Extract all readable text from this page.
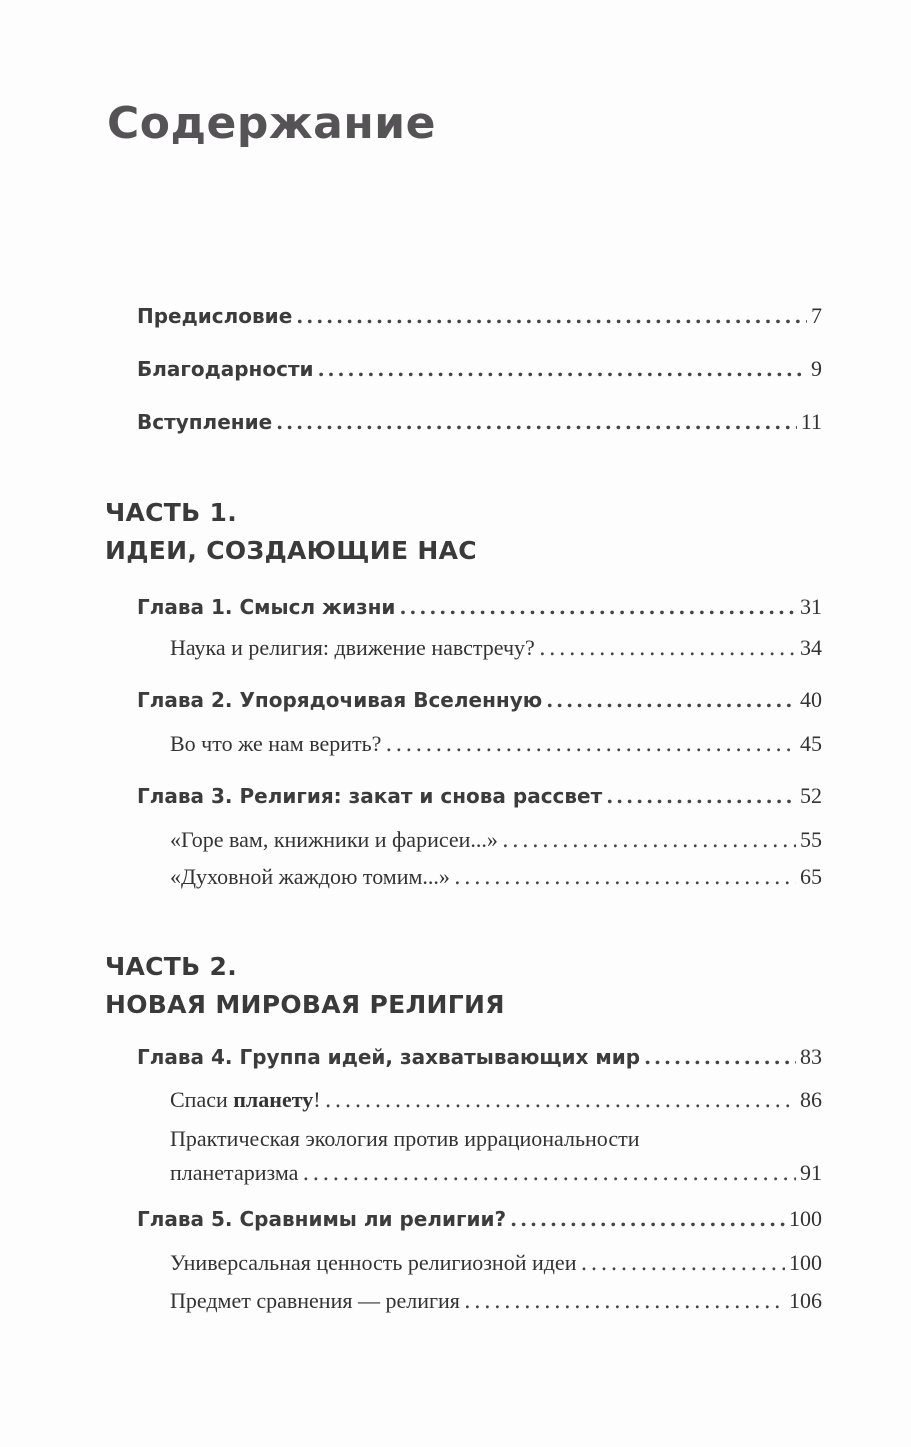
Содержание
Предисловие .....	7
Благодарности .....	9
Вступление .....	11
ЧАСТЬ 1.
ИДЕИ, СОЗДАЮЩИЕ НАС
Глава 1. Смысл жизни .....	31
Наука и религия: движение навстречу? .....	34
Глава 2. Упорядочивая Вселенную .....	40
Во что же нам верить? .....	45
Глава 3. Религия: закат и снова рассвет .....	52
«Горе вам, книжники и фарисеи...» .....	55
«Духовной жаждою томим...» .....	65
ЧАСТЬ 2.
НОВАЯ МИРОВАЯ РЕЛИГИЯ
Глава 4. Группа идей, захватывающих мир .....	83
Спаси планету! .....	86
Практическая экология против иррациональности
планетаризма .....	91
Глава 5. Сравнимы ли религии? .....	100
Универсальная ценность религиозной идеи .....	100
Предмет сравнения — религия .....	106
